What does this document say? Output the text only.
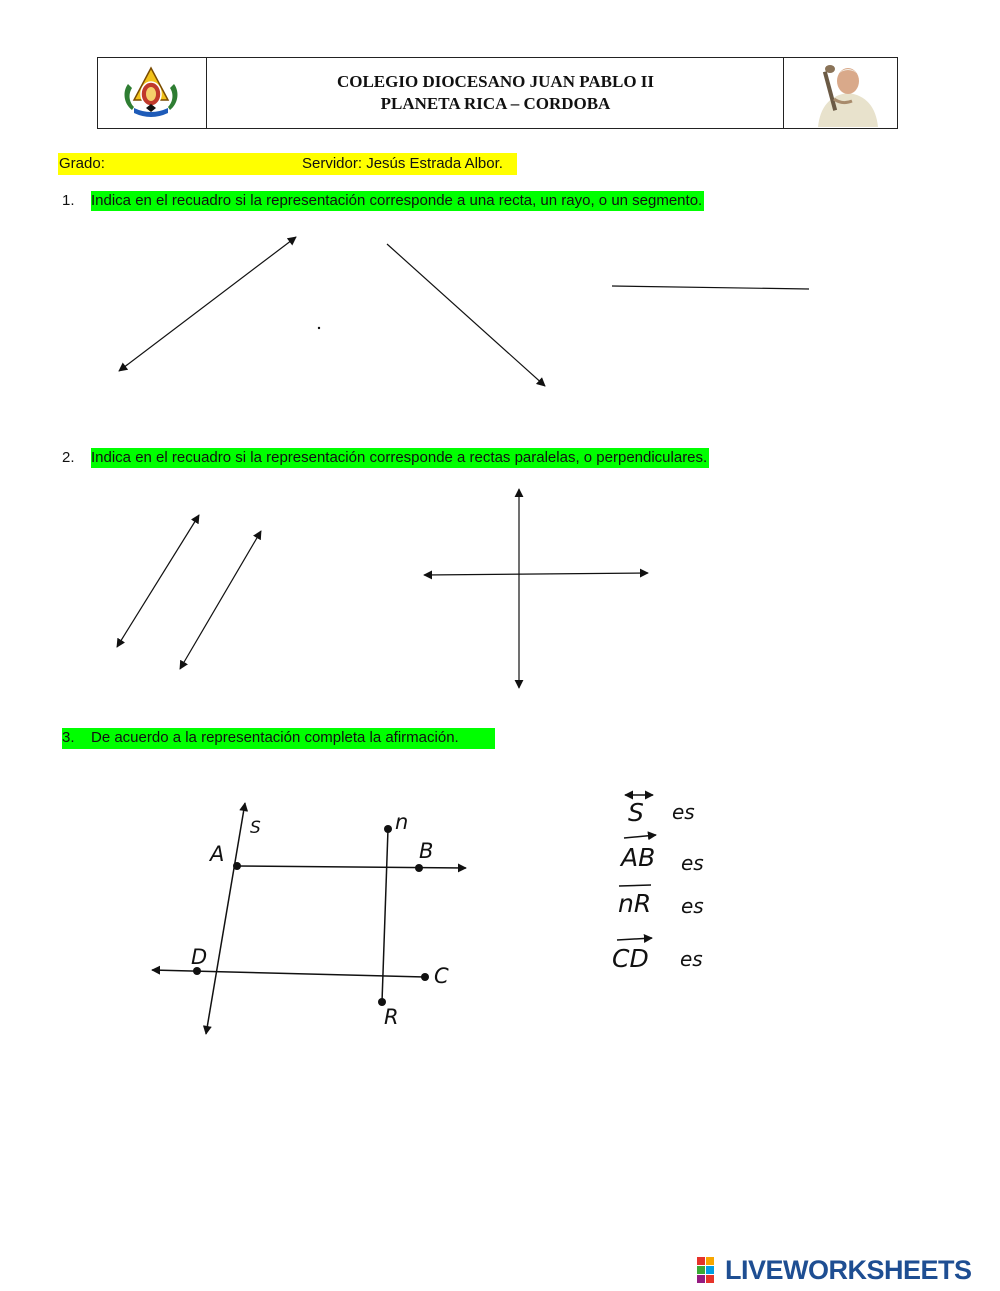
COLEGIO DIOCESANO JUAN PABLO II
PLANETA RICA – CORDOBA
Grado:	Servidor: Jesús Estrada Albor.
1. Indica en el recuadro si la representación corresponde a una recta, un rayo, o un segmento.
2. Indica en el recuadro si la representación corresponde a rectas paralelas, o perpendiculares.
3. De acuerdo a la representación completa la afirmación.
A	B
C
D
n
R
S
S es
AB es
nR es
CD es
LIVEWORKSHEETS
